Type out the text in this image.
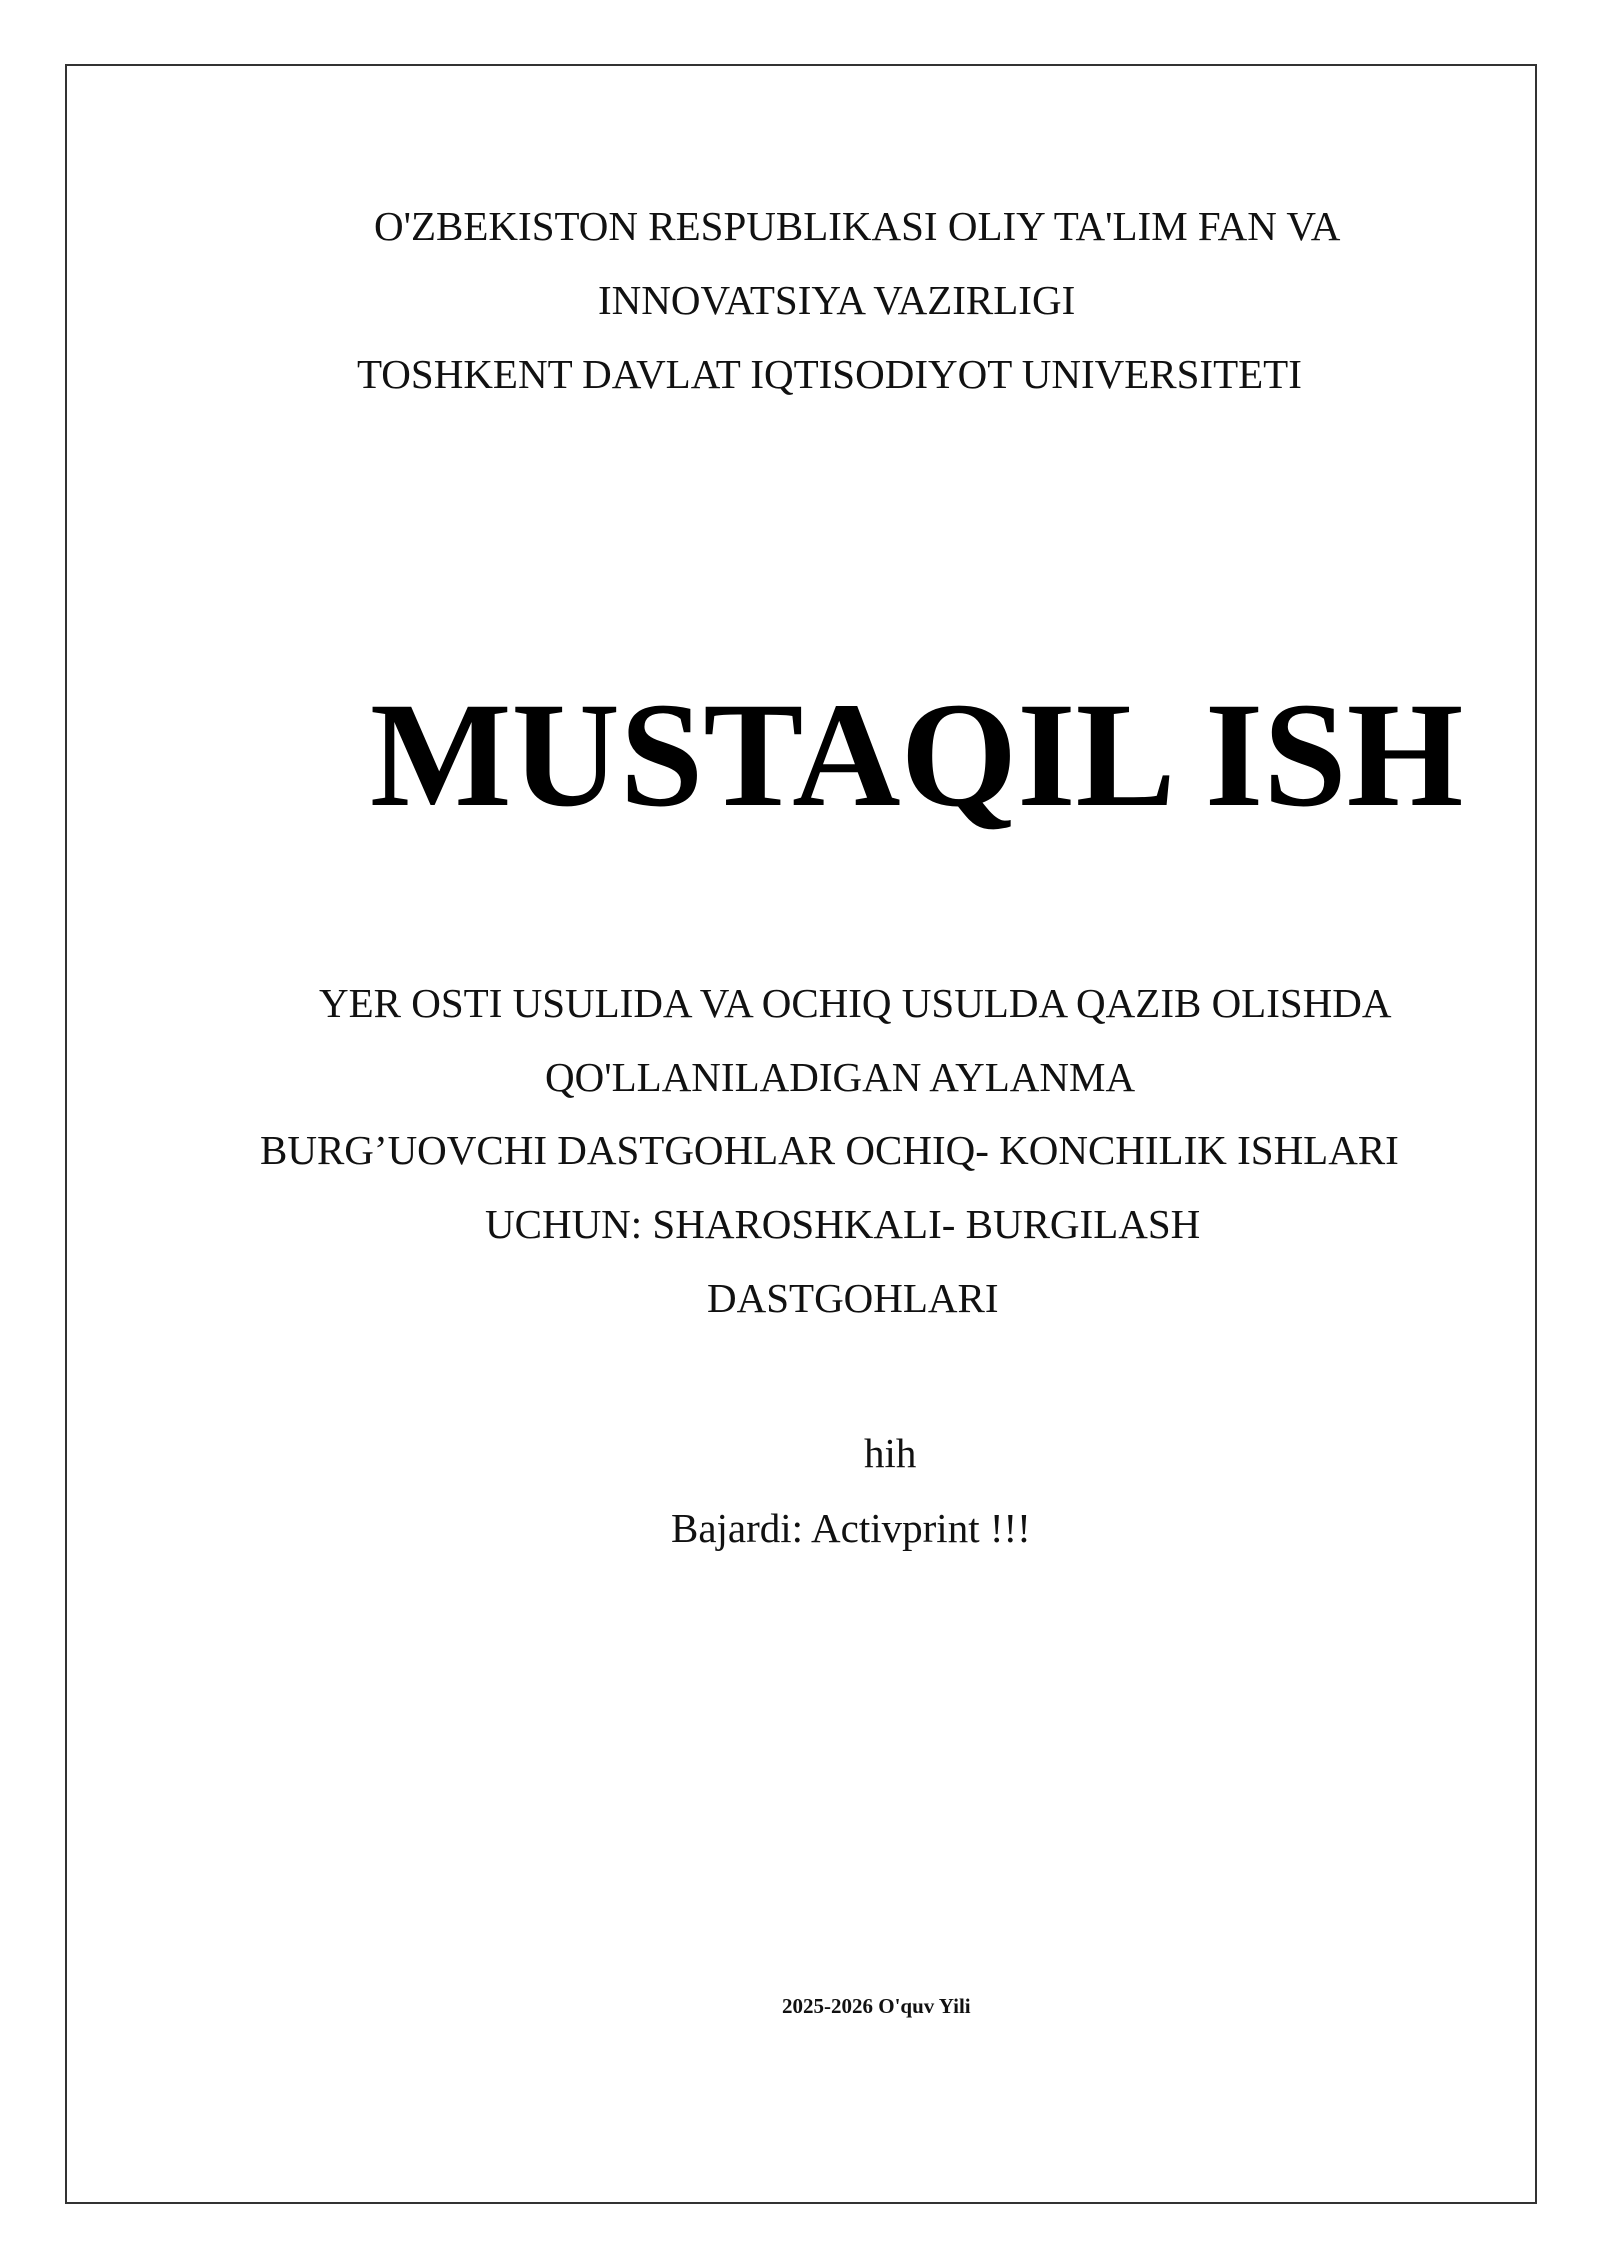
O'ZBEKISTON RESPUBLIKASI OLIY TA'LIM FAN VA
INNOVATSIYA VAZIRLIGI
TOSHKENT DAVLAT IQTISODIYOT UNIVERSITETI
MUSTAQIL ISH
YER OSTI USULIDA VA OCHIQ USULDA QAZIB OLISHDA
QO'LLANILADIGAN AYLANMA
BURG’UOVCHI DASTGOHLAR OCHIQ- KONCHILIK ISHLARI
UCHUN: SHAROSHKALI- BURGILASH
DASTGOHLARI
hih
Bajardi: Activprint !!!
2025-2026 O'quv Yili
